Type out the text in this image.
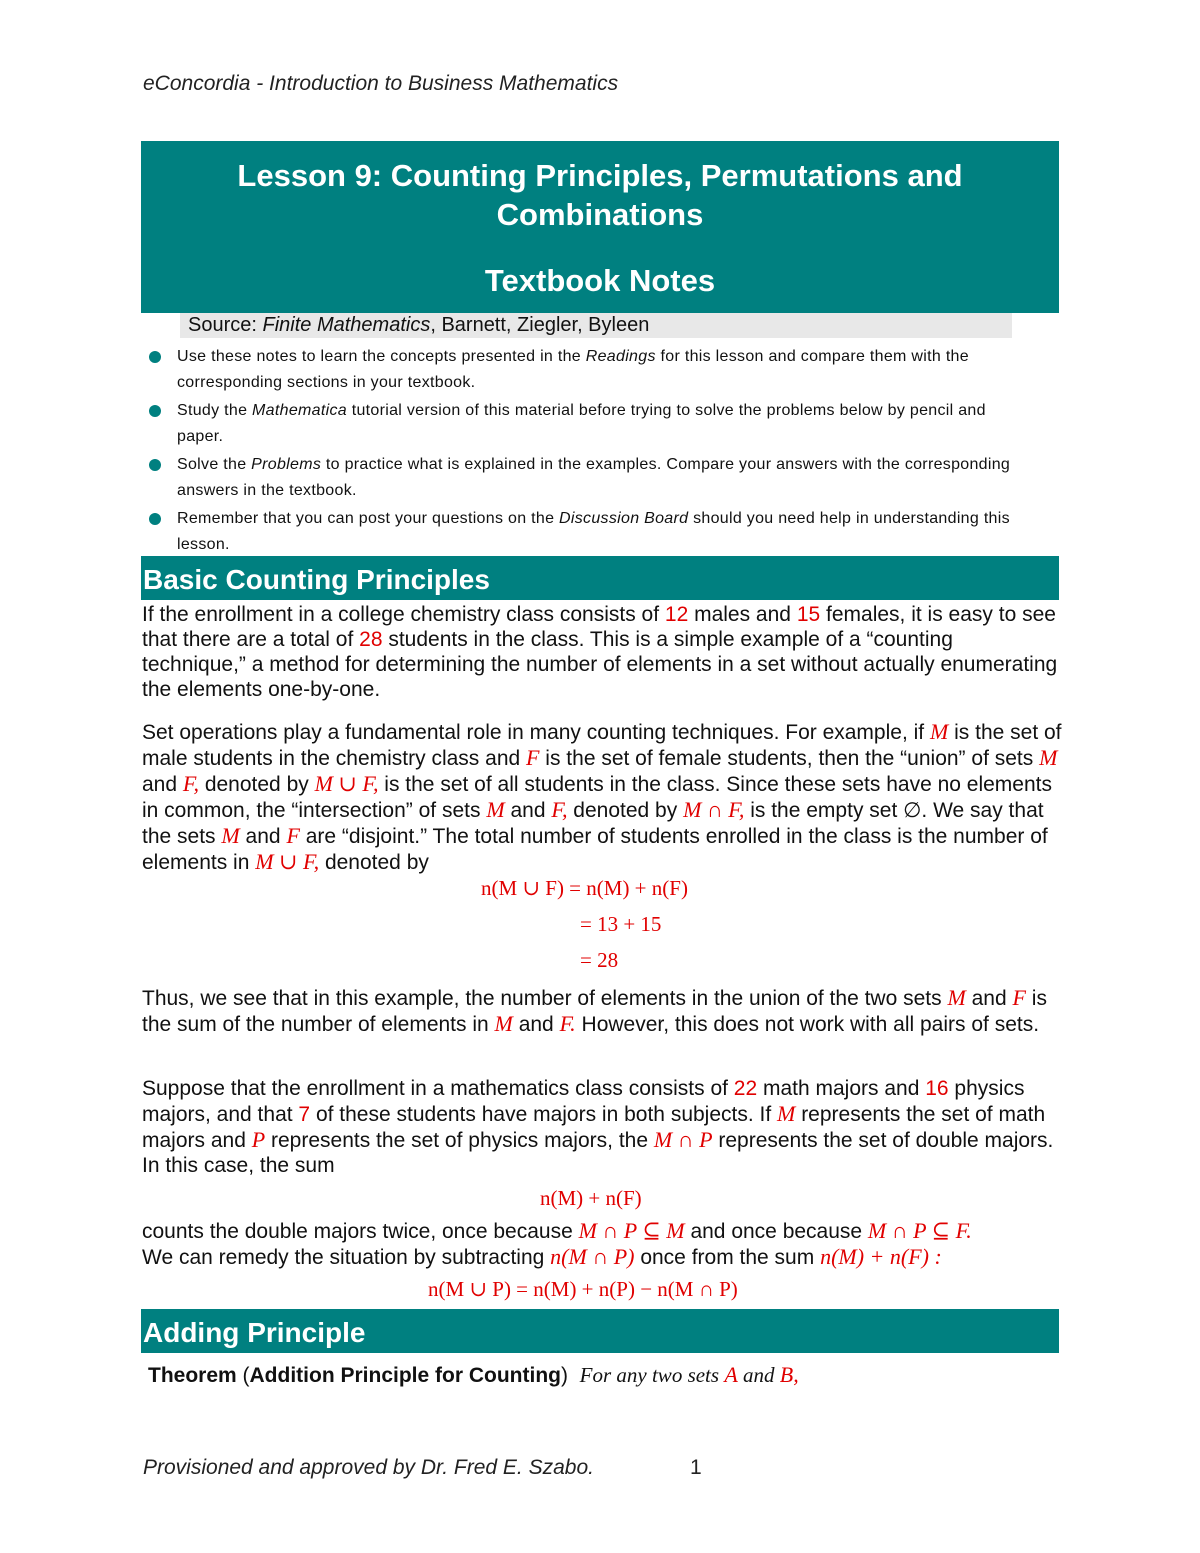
eConcordia - Introduction to Business Mathematics
Lesson 9: Counting Principles, Permutations and
Combinations
Textbook Notes
Source: Finite Mathematics, Barnett, Ziegler, Byleen
Use these notes to learn the concepts presented in the Readings for this lesson and compare them with the corresponding sections in your textbook.
Study the Mathematica tutorial version of this material before trying to solve the problems below by pencil and paper.
Solve the Problems to practice what is explained in the examples. Compare your answers with the corresponding answers in the textbook.
Remember that you can post your questions on the Discussion Board should you need help in understanding this lesson.
Basic Counting Principles
If the enrollment in a college chemistry class consists of 12 males and 15 females, it is easy to see that there are a total of 28 students in the class. This is a simple example of a “counting technique,” a method for determining the number of elements in a set without actually enumerating the elements one-by-one.
Set operations play a fundamental role in many counting techniques. For example, if M is the set of male students in the chemistry class and F is the set of female students, then the “union” of sets M and F, denoted by M ∪ F, is the set of all students in the class. Since these sets have no elements in common, the “intersection” of sets M and F, denoted by M ∩ F, is the empty set ∅. We say that the sets M and F are “disjoint.” The total number of students enrolled in the class is the number of elements in M ∪ F, denoted by
n(M ∪ F) = n(M) + n(F)
= 13 + 15
= 28
Thus, we see that in this example, the number of elements in the union of the two sets M and F is the sum of the number of elements in M and F. However, this does not work with all pairs of sets.
Suppose that the enrollment in a mathematics class consists of 22 math majors and 16 physics majors, and that 7 of these students have majors in both subjects. If M represents the set of math majors and P represents the set of physics majors, the M ∩ P represents the set of double majors. In this case, the sum
n(M) + n(F)
counts the double majors twice, once because M ∩ P ⊆ M and once because M ∩ P ⊆ F.
We can remedy the situation by subtracting n(M ∩ P) once from the sum n(M) + n(F) :
n(M ∪ P) = n(M) + n(P) − n(M ∩ P)
Adding Principle
Theorem (Addition Principle for Counting) For any two sets A and B,
Provisioned and approved by Dr. Fred E. Szabo.	1
